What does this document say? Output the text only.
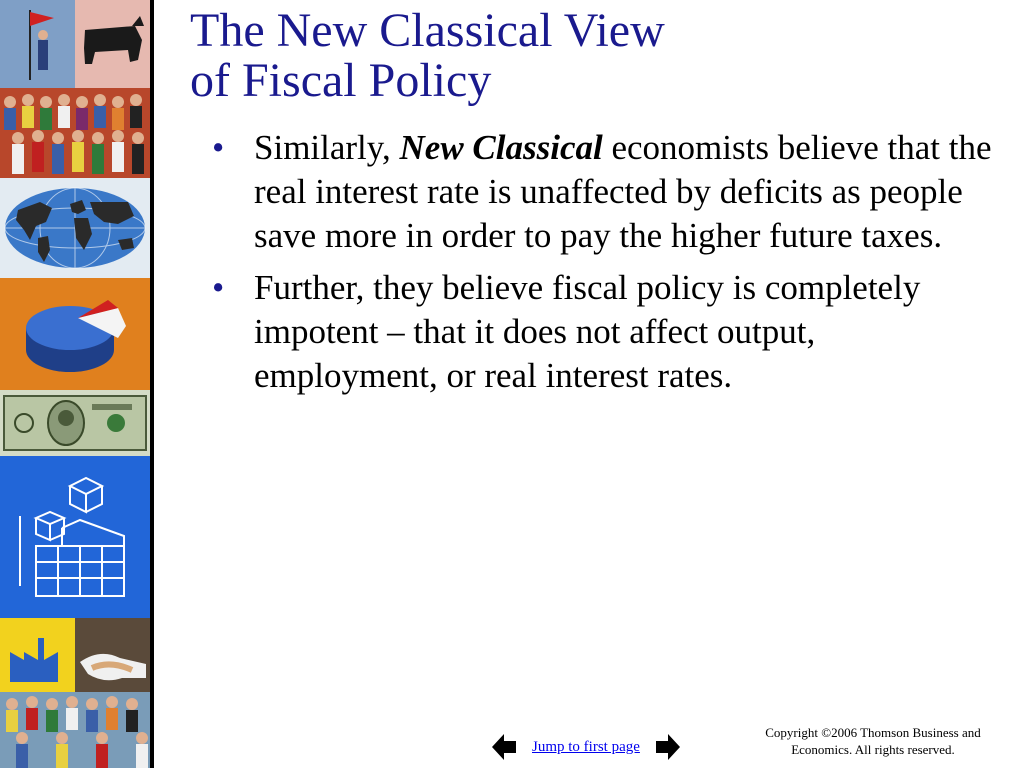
The New Classical View
of Fiscal Policy
• Similarly, New Classical economists believe that the real interest rate is unaffected by deficits as people save more in order to pay the higher future taxes.
• Further, they believe fiscal policy is completely impotent – that it does not affect output, employment, or real interest rates.
Jump to first page
Copyright ©2006 Thomson Business and
Economics. All rights reserved.
